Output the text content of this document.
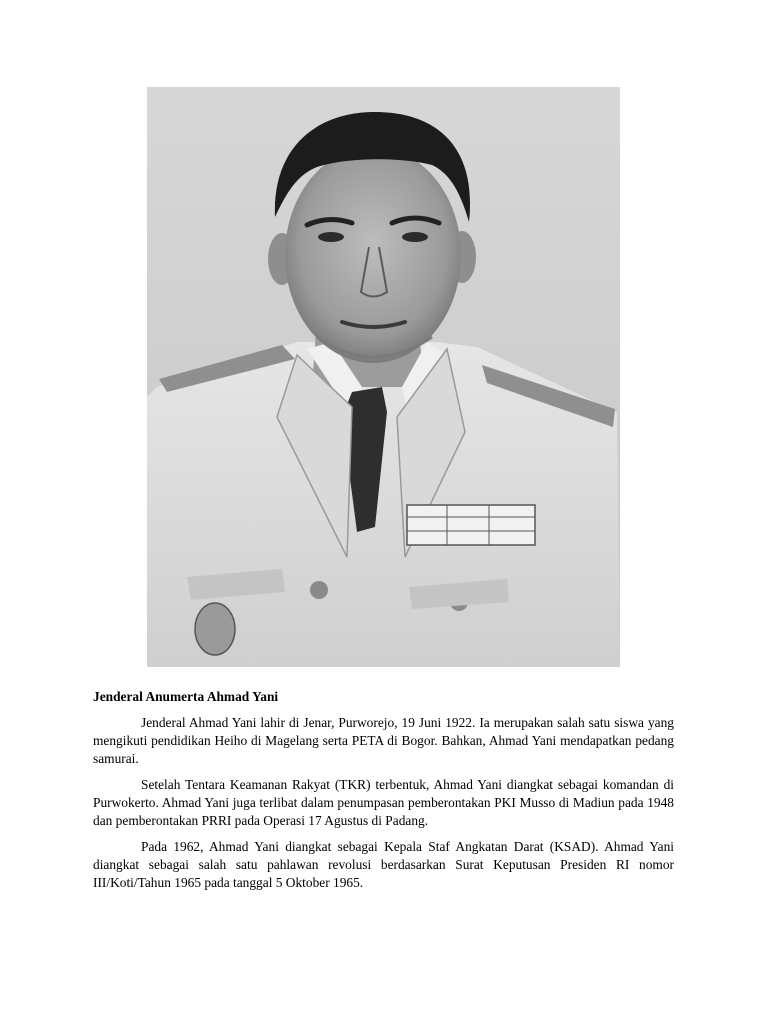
Jenderal Anumerta Ahmad Yani

Jenderal Ahmad Yani lahir di Jenar, Purworejo, 19 Juni 1922. Ia merupakan salah satu siswa yang mengikuti pendidikan Heiho di Magelang serta PETA di Bogor. Bahkan, Ahmad Yani mendapatkan pedang samurai.

Setelah Tentara Keamanan Rakyat (TKR) terbentuk, Ahmad Yani diangkat sebagai komandan di Purwokerto. Ahmad Yani juga terlibat dalam penumpasan pemberontakan PKI Musso di Madiun pada 1948 dan pemberontakan PRRI pada Operasi 17 Agustus di Padang.

Pada 1962, Ahmad Yani diangkat sebagai Kepala Staf Angkatan Darat (KSAD). Ahmad Yani diangkat sebagai salah satu pahlawan revolusi berdasarkan Surat Keputusan Presiden RI nomor III/Koti/Tahun 1965 pada tanggal 5 Oktober 1965.
